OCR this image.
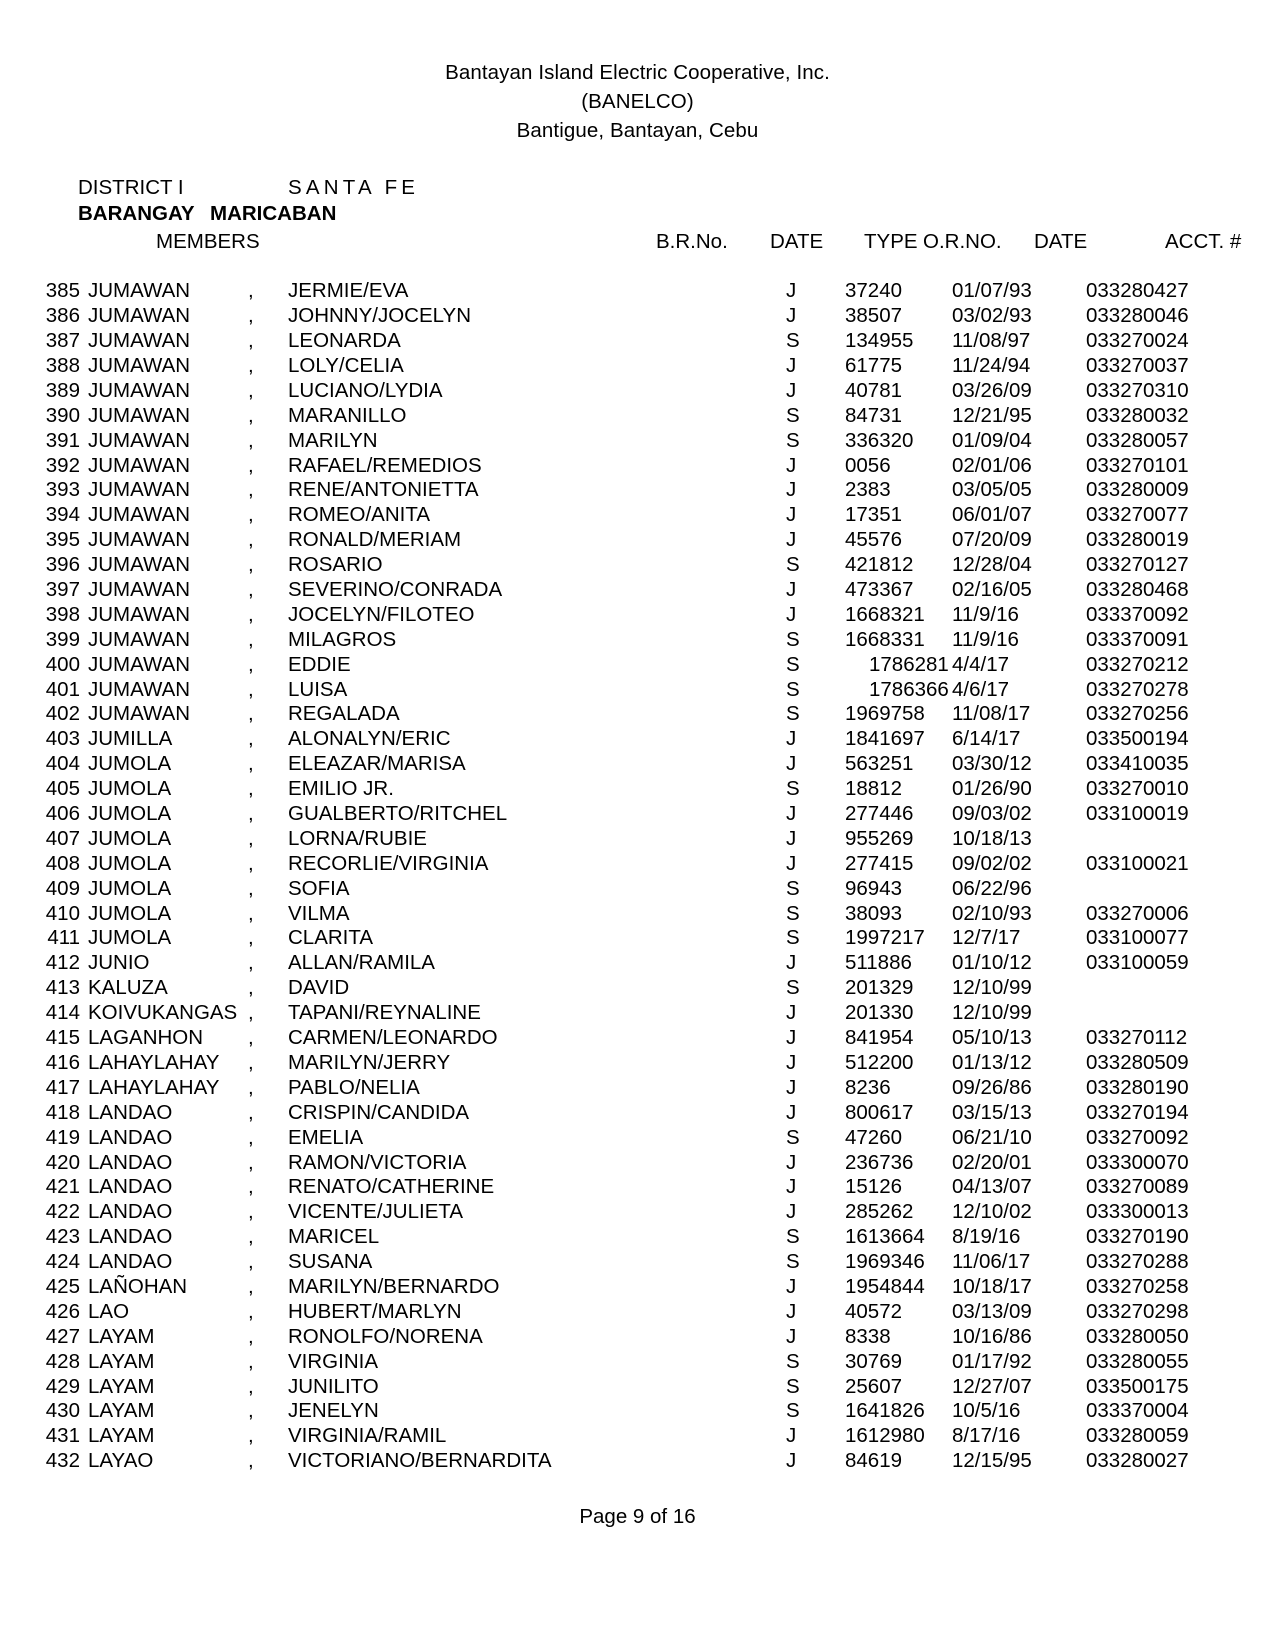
Bantayan Island Electric Cooperative, Inc.
(BANELCO)
Bantigue, Bantayan, Cebu
DISTRICT I	SANTA FE
BARANGAY MARICABAN
MEMBERS	B.R.No. DATE TYPE O.R.NO. DATE	ACCT. #
385 JUMAWAN	, JERMIE/EVA	J 37240 01/07/93	033280427
386 JUMAWAN	, JOHNNY/JOCELYN	J 38507 03/02/93	033280046
387 JUMAWAN	, LEONARDA	S 134955 11/08/97	033270024
388 JUMAWAN	, LOLY/CELIA	J 61775 11/24/94	033270037
389 JUMAWAN	, LUCIANO/LYDIA	J 40781 03/26/09	033270310
390 JUMAWAN	, MARANILLO	S 84731 12/21/95	033280032
391 JUMAWAN	, MARILYN	S 336320 01/09/04	033280057
392 JUMAWAN	, RAFAEL/REMEDIOS	J 0056	02/01/06	033270101
393 JUMAWAN	, RENE/ANTONIETTA	J 2383	03/05/05	033280009
394 JUMAWAN	, ROMEO/ANITA	J 17351 06/01/07	033270077
395 JUMAWAN	, RONALD/MERIAM	J 45576 07/20/09	033280019
396 JUMAWAN	, ROSARIO	S 421812 12/28/04	033270127
397 JUMAWAN	, SEVERINO/CONRADA	J 473367 02/16/05	033280468
398 JUMAWAN	, JOCELYN/FILOTEO	J 1668321 11/9/16	033370092
399 JUMAWAN	, MILAGROS	S 1668331 11/9/16	033370091
400 JUMAWAN	, EDDIE	S	1786281 4/4/17	033270212
401 JUMAWAN	, LUISA	S	1786366 4/6/17	033270278
402 JUMAWAN	, REGALADA	S 1969758 11/08/17	033270256
403 JUMILLA	, ALONALYN/ERIC	J 1841697 6/14/17	033500194
404 JUMOLA	, ELEAZAR/MARISA	J 563251 03/30/12	033410035
405 JUMOLA	, EMILIO JR.	S 18812 01/26/90	033270010
406 JUMOLA	, GUALBERTO/RITCHEL	J 277446 09/03/02	033100019
407 JUMOLA	, LORNA/RUBIE	J 955269 10/18/13
408 JUMOLA	, RECORLIE/VIRGINIA	J 277415 09/02/02	033100021
409 JUMOLA	, SOFIA	S 96943 06/22/96
410 JUMOLA	, VILMA	S 38093 02/10/93	033270006
411 JUMOLA	, CLARITA	S 1997217 12/7/17	033100077
412 JUNIO	, ALLAN/RAMILA	J 511886 01/10/12	033100059
413 KALUZA	, DAVID	S 201329 12/10/99
414 KOIVUKANGAS , TAPANI/REYNALINE	J 201330 12/10/99
415 LAGANHON , CARMEN/LEONARDO	J 841954 05/10/13	033270112
416 LAHAYLAHAY , MARILYN/JERRY	J 512200 01/13/12	033280509
417 LAHAYLAHAY , PABLO/NELIA	J 8236	09/26/86	033280190
418 LANDAO	, CRISPIN/CANDIDA	J 800617 03/15/13	033270194
419 LANDAO	, EMELIA	S 47260 06/21/10	033270092
420 LANDAO	, RAMON/VICTORIA	J 236736 02/20/01	033300070
421 LANDAO	, RENATO/CATHERINE	J 15126 04/13/07	033270089
422 LANDAO	, VICENTE/JULIETA	J 285262 12/10/02	033300013
423 LANDAO	, MARICEL	S 1613664 8/19/16	033270190
424 LANDAO	, SUSANA	S 1969346 11/06/17	033270288
425 LAÑOHAN	, MARILYN/BERNARDO	J 1954844 10/18/17	033270258
426 LAO	, HUBERT/MARLYN	J 40572 03/13/09	033270298
427 LAYAM	, RONOLFO/NORENA	J 8338	10/16/86	033280050
428 LAYAM	, VIRGINIA	S 30769 01/17/92	033280055
429 LAYAM	, JUNILITO	S 25607 12/27/07	033500175
430 LAYAM	, JENELYN	S 1641826 10/5/16	033370004
431 LAYAM	, VIRGINIA/RAMIL	J 1612980 8/17/16	033280059
432 LAYAO	, VICTORIANO/BERNARDITA	J 84619 12/15/95	033280027
Page 9 of 16
